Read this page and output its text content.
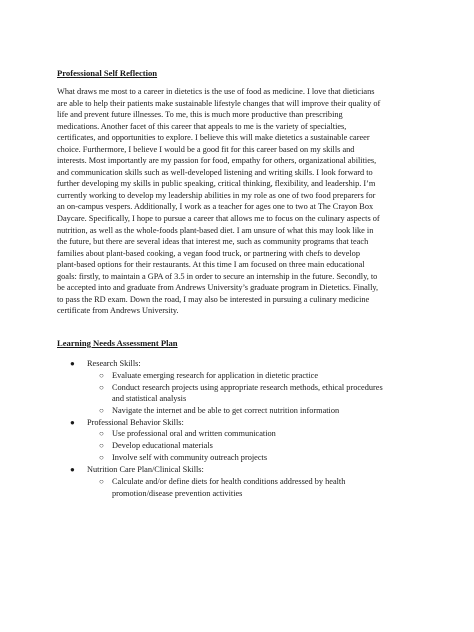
Professional Self Reflection

What draws me most to a career in dietetics is the use of food as medicine. I love that dieticians
are able to help their patients make sustainable lifestyle changes that will improve their quality of
life and prevent future illnesses. To me, this is much more productive than prescribing
medications. Another facet of this career that appeals to me is the variety of specialties,
certificates, and opportunities to explore. I believe this will make dietetics a sustainable career
choice. Furthermore, I believe I would be a good fit for this career based on my skills and
interests. Most importantly are my passion for food, empathy for others, organizational abilities,
and communication skills such as well-developed listening and writing skills. I look forward to
further developing my skills in public speaking, critical thinking, flexibility, and leadership. I’m
currently working to develop my leadership abilities in my role as one of two food preparers for
an on-campus vespers. Additionally, I work as a teacher for ages one to two at The Crayon Box
Daycare. Specifically, I hope to pursue a career that allows me to focus on the culinary aspects of
nutrition, as well as the whole-foods plant-based diet. I am unsure of what this may look like in
the future, but there are several ideas that interest me, such as community programs that teach
families about plant-based cooking, a vegan food truck, or partnering with chefs to develop
plant-based options for their restaurants. At this time I am focused on three main educational
goals: firstly, to maintain a GPA of 3.5 in order to secure an internship in the future. Secondly, to
be accepted into and graduate from Andrews University’s graduate program in Dietetics. Finally,
to pass the RD exam. Down the road, I may also be interested in pursuing a culinary medicine
certificate from Andrews University.

Learning Needs Assessment Plan

● Research Skills:
○ Evaluate emerging research for application in dietetic practice
○ Conduct research projects using appropriate research methods, ethical procedures
and statistical analysis
○ Navigate the internet and be able to get correct nutrition information
● Professional Behavior Skills:
○ Use professional oral and written communication
○ Develop educational materials
○ Involve self with community outreach projects
● Nutrition Care Plan/Clinical Skills:
○ Calculate and/or define diets for health conditions addressed by health
promotion/disease prevention activities
